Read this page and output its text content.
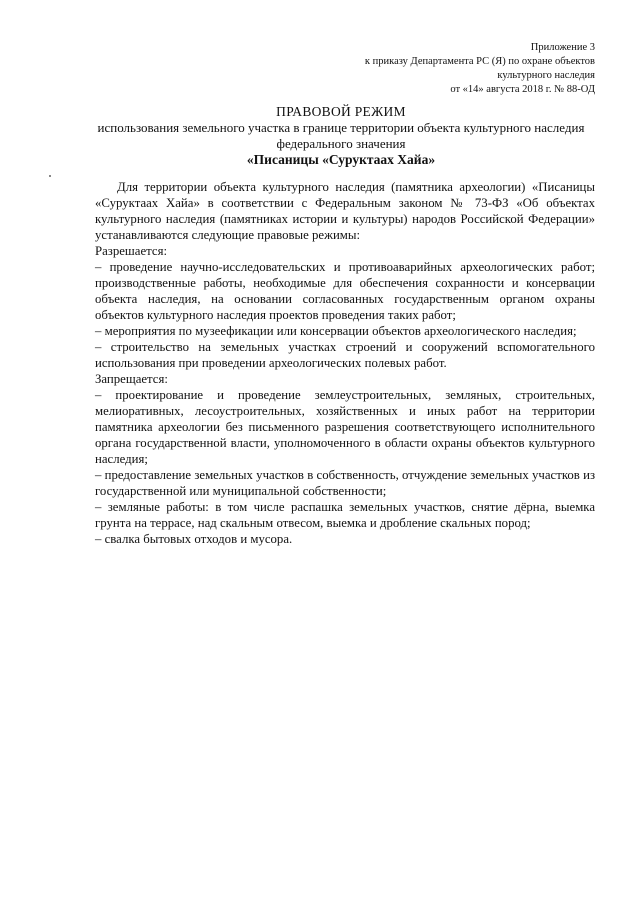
Приложение 3
к приказу Департамента РС (Я) по охране объектов
культурного наследия
от «14» августа 2018 г. № 88-ОД
ПРАВОВОЙ РЕЖИМ
использования земельного участка в границе территории объекта культурного наследия
федерального значения
«Писаницы «Суруктаах Хайа»

Для территории объекта культурного наследия (памятника археологии) «Писаницы «Суруктаах Хайа» в соответствии с Федеральным законом № 73-ФЗ «Об объектах культурного наследия (памятниках истории и культуры) народов Российской Федерации» устанавливаются следующие правовые режимы:

Разрешается:

– проведение научно-исследовательских и противоаварийных археологических работ; производственные работы, необходимые для обеспечения сохранности и консервации объекта наследия, на основании согласованных государственным органом охраны объектов культурного наследия проектов проведения таких работ;

– мероприятия по музеефикации или консервации объектов археологического наследия;

– строительство на земельных участках строений и сооружений вспомогательного использования при проведении археологических полевых работ.

Запрещается:

– проектирование и проведение землеустроительных, земляных, строительных, мелиоративных, лесоустроительных, хозяйственных и иных работ на территории памятника археологии без письменного разрешения соответствующего исполнительного органа государственной власти, уполномоченного в области охраны объектов культурного наследия;

– предоставление земельных участков в собственность, отчуждение земельных участков из государственной или муниципальной собственности;

– земляные работы: в том числе распашка земельных участков, снятие дёрна, выемка грунта на террасе, над скальным отвесом, выемка и дробление скальных пород;

– свалка бытовых отходов и мусора.
